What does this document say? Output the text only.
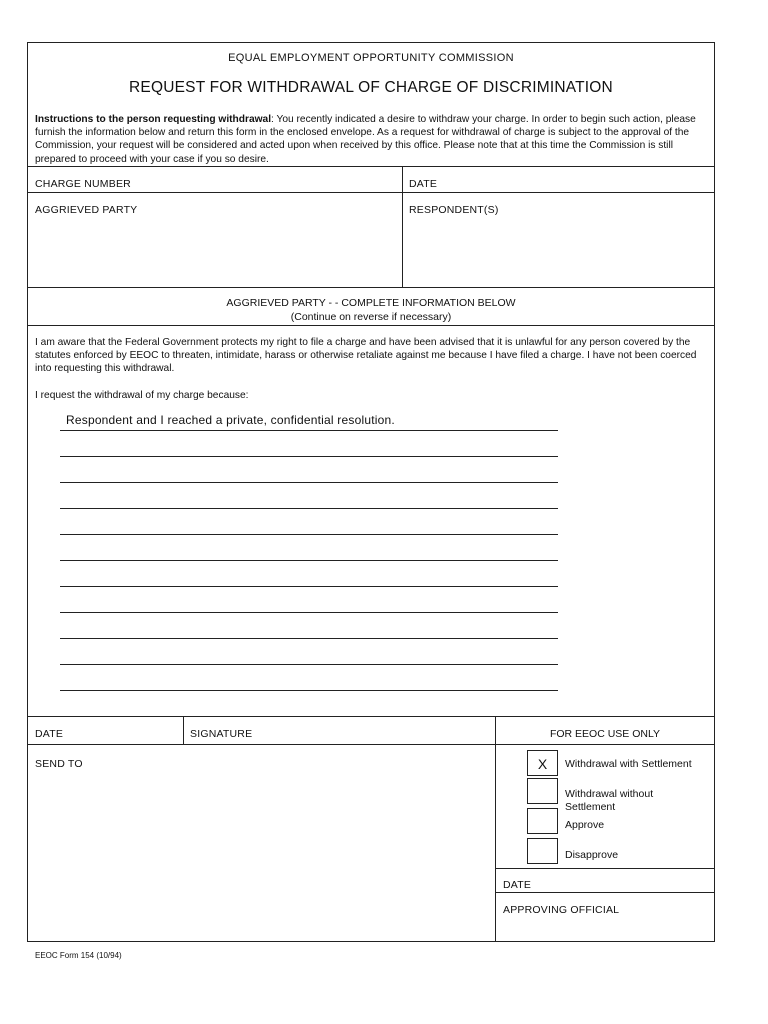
EQUAL EMPLOYMENT OPPORTUNITY COMMISSION
REQUEST FOR WITHDRAWAL OF CHARGE OF DISCRIMINATION
Instructions to the person requesting withdrawal: You recently indicated a desire to withdraw your charge. In order to begin such action, please furnish the information below and return this form in the enclosed envelope. As a request for withdrawal of charge is subject to the approval of the Commission, your request will be considered and acted upon when received by this office. Please note that at this time the Commission is still prepared to proceed with your case if you so desire.
CHARGE NUMBER	DATE
AGGRIEVED PARTY	RESPONDENT(S)
AGGRIEVED PARTY - - COMPLETE INFORMATION BELOW
(Continue on reverse if necessary)
I am aware that the Federal Government protects my right to file a charge and have been advised that it is unlawful for any person covered by the statutes enforced by EEOC to threaten, intimidate, harass or otherwise retaliate against me because I have filed a charge. I have not been coerced into requesting this withdrawal.
I request the withdrawal of my charge because:
Respondent and I reached a private, confidential resolution.
DATE	SIGNATURE	FOR EEOC USE ONLY
SEND TO	X	Withdrawal with Settlement
Withdrawal without Settlement
Approve
Disapprove
DATE
APPROVING OFFICIAL
EEOC Form 154 (10/94)
